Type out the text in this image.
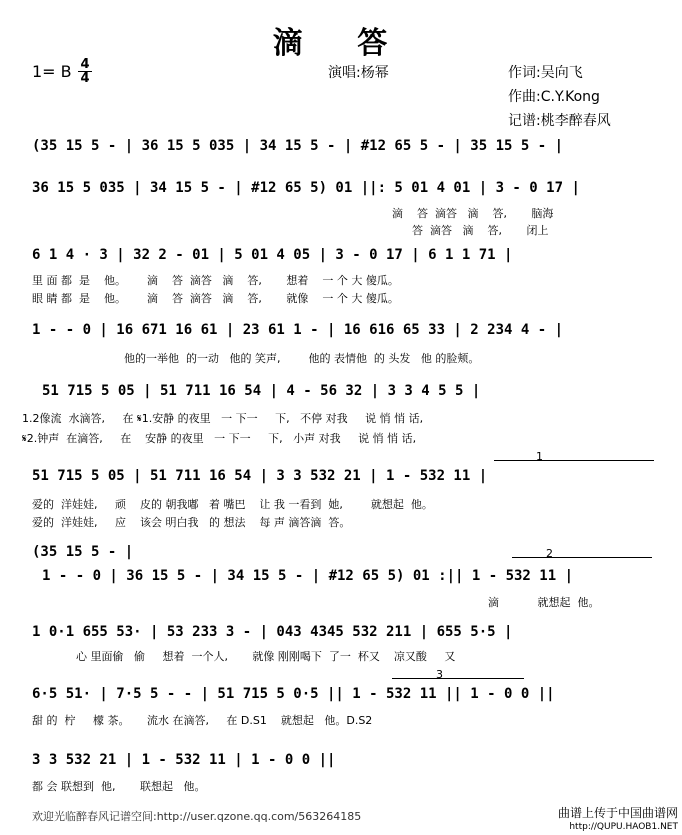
滴 答
1= B 4
4	演唱:杨幂	作词:吴向飞
作曲:C.Y.Kong
记谱:桃李醉春风
(35 15 5 - | 36 15 5 035 | 34 15 5 - | #12 65 5 - | 35 15 5 - |
36 15 5 035 | 34 15 5 - | #12 65 5) 01 ||: 5 01 4 01 | 3 - 0 17 |
滴    答  滴答   滴    答,       脑海
答  滴答   滴    答,       闭上
6 1 4 · 3 | 32 2 - 01 | 5 01 4 05 | 3 - 0 17 | 6 1 1 71 |
里 面 都  是    他。      滴    答  滴答   滴    答,       想着    一 个 大 傻瓜。
眼 睛 都  是    他。      滴    答  滴答   滴    答,       就像    一 个 大 傻瓜。
1 - - 0 | 16 671 16 61 | 23 61 1 - | 16 616 65 33 | 2 234 4 - |
他的一举他  的一动   他的 笑声,        他的 表情他  的 头发   他 的脸颊。
51 715 5 05 | 51 711 16 54 | 4 - 56 32 | 3 3 4 5 5 |
1.2像流  水滴答,     在 𝄋1.安静 的夜里   一 下一     下,   不停 对我     说 悄 悄 话,
𝄋2.钟声  在滴答,     在    安静 的夜里   一 下一     下,   小声 对我     说 悄 悄 话,
51 715 5 05 | 51 711 16 54 | 3 3 532 21 | 1 - 532 11 |
爱的  洋娃娃,     顽    皮的 朝我嘟   着 嘴巴    让 我 一看到  她,        就想起  他。
爱的  洋娃娃,     应    该会 明白我   的 想法    每 声 滴答滴  答。
1
(35 15 5 - |
1 - - 0 | 36 15 5 - | 34 15 5 - | #12 65 5) 01 :|| 1 - 532 11 |
滴           就想起  他。
2
1 0·1 655 53· | 53 233 3 - | 043 4345 532 211 | 655 5·5 |
心 里面偷   偷     想着  一个人,       就像 刚刚喝下  了一  杯又    凉又酸     又
6·5 51· | 7·5 5 - - | 51 715 5 0·5 || 1 - 532 11 || 1 - 0 0 ||
甜 的  柠     檬 茶。     流水 在滴答,     在 D.S1    就想起   他。D.S2
3
3 3 532 21 | 1 - 532 11 | 1 - 0 0 ||
都 会 联想到  他,       联想起   他。
欢迎光临醉春风记谱空间:http://user.qzone.qq.com/563264185	曲谱上传于中国曲谱网
http://QUPU.HAOB1.NET
